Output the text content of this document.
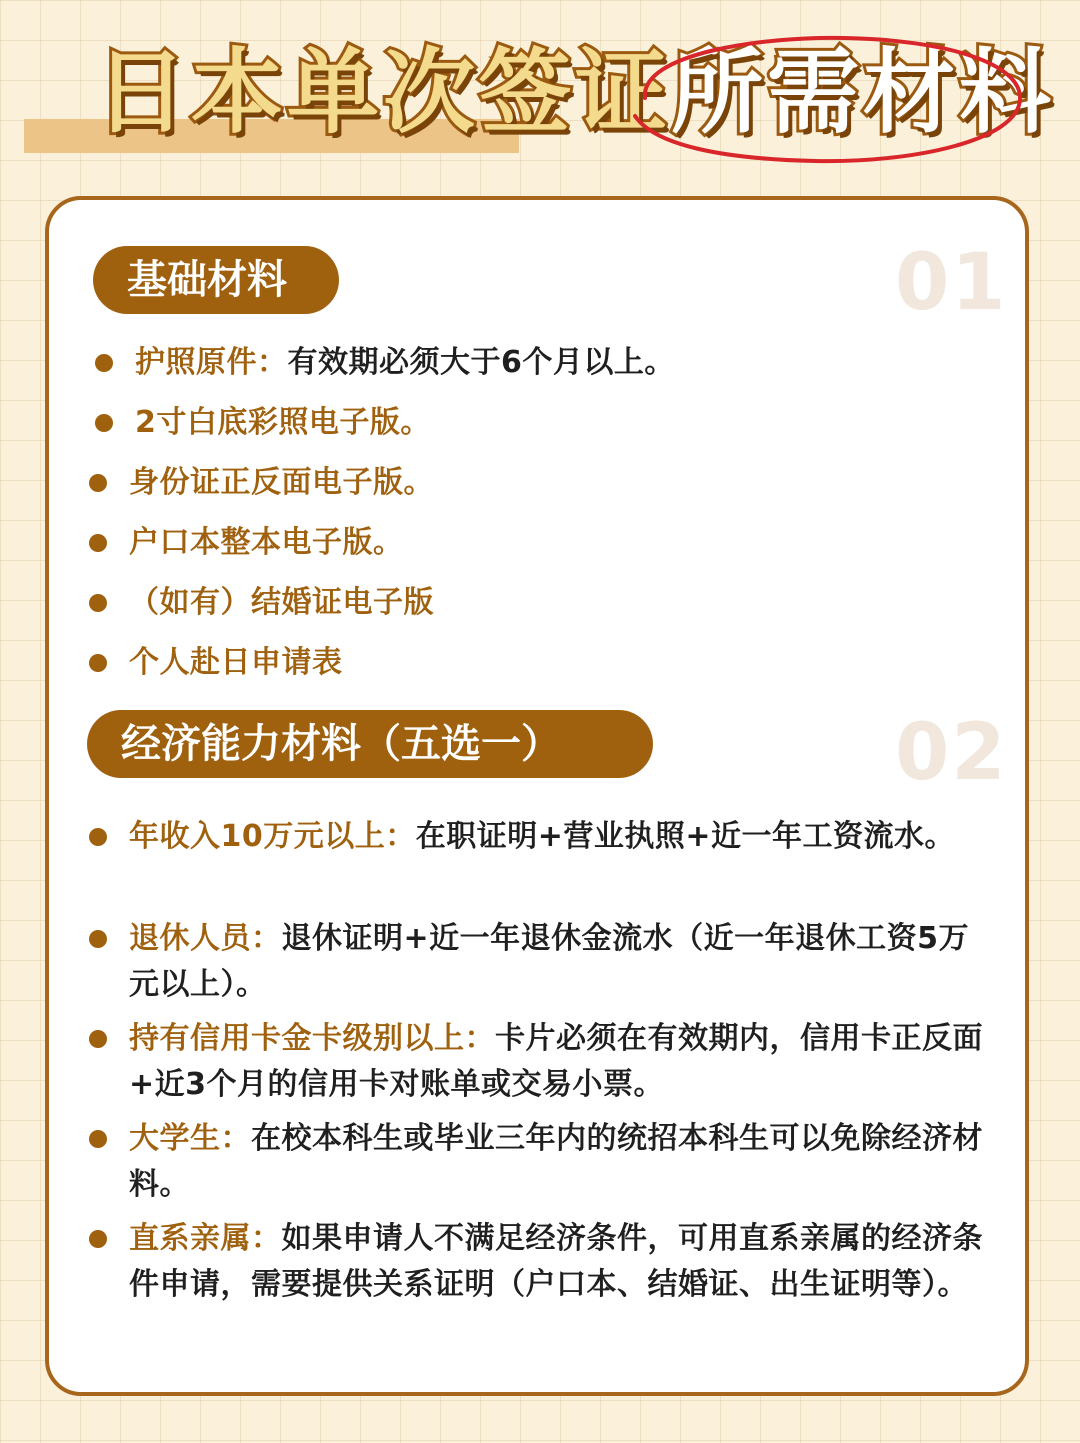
日本单次签证所需材料
基础材料	01
护照原件：有效期必须大于6个月以上。
2寸白底彩照电子版。
身份证正反面电子版。
户口本整本电子版。
（如有）结婚证电子版
个人赴日申请表
经济能力材料（五选一）	02
年收入10万元以上：在职证明+营业执照+近一年工资流水。
退休人员：退休证明+近一年退休金流水（近一年退休工资5万元以上）。
持有信用卡金卡级别以上：卡片必须在有效期内，信用卡正反面+近3个月的信用卡对账单或交易小票。
大学生：在校本科生或毕业三年内的统招本科生可以免除经济材料。
直系亲属：如果申请人不满足经济条件，可用直系亲属的经济条件申请，需要提供关系证明（户口本、结婚证、出生证明等）。
